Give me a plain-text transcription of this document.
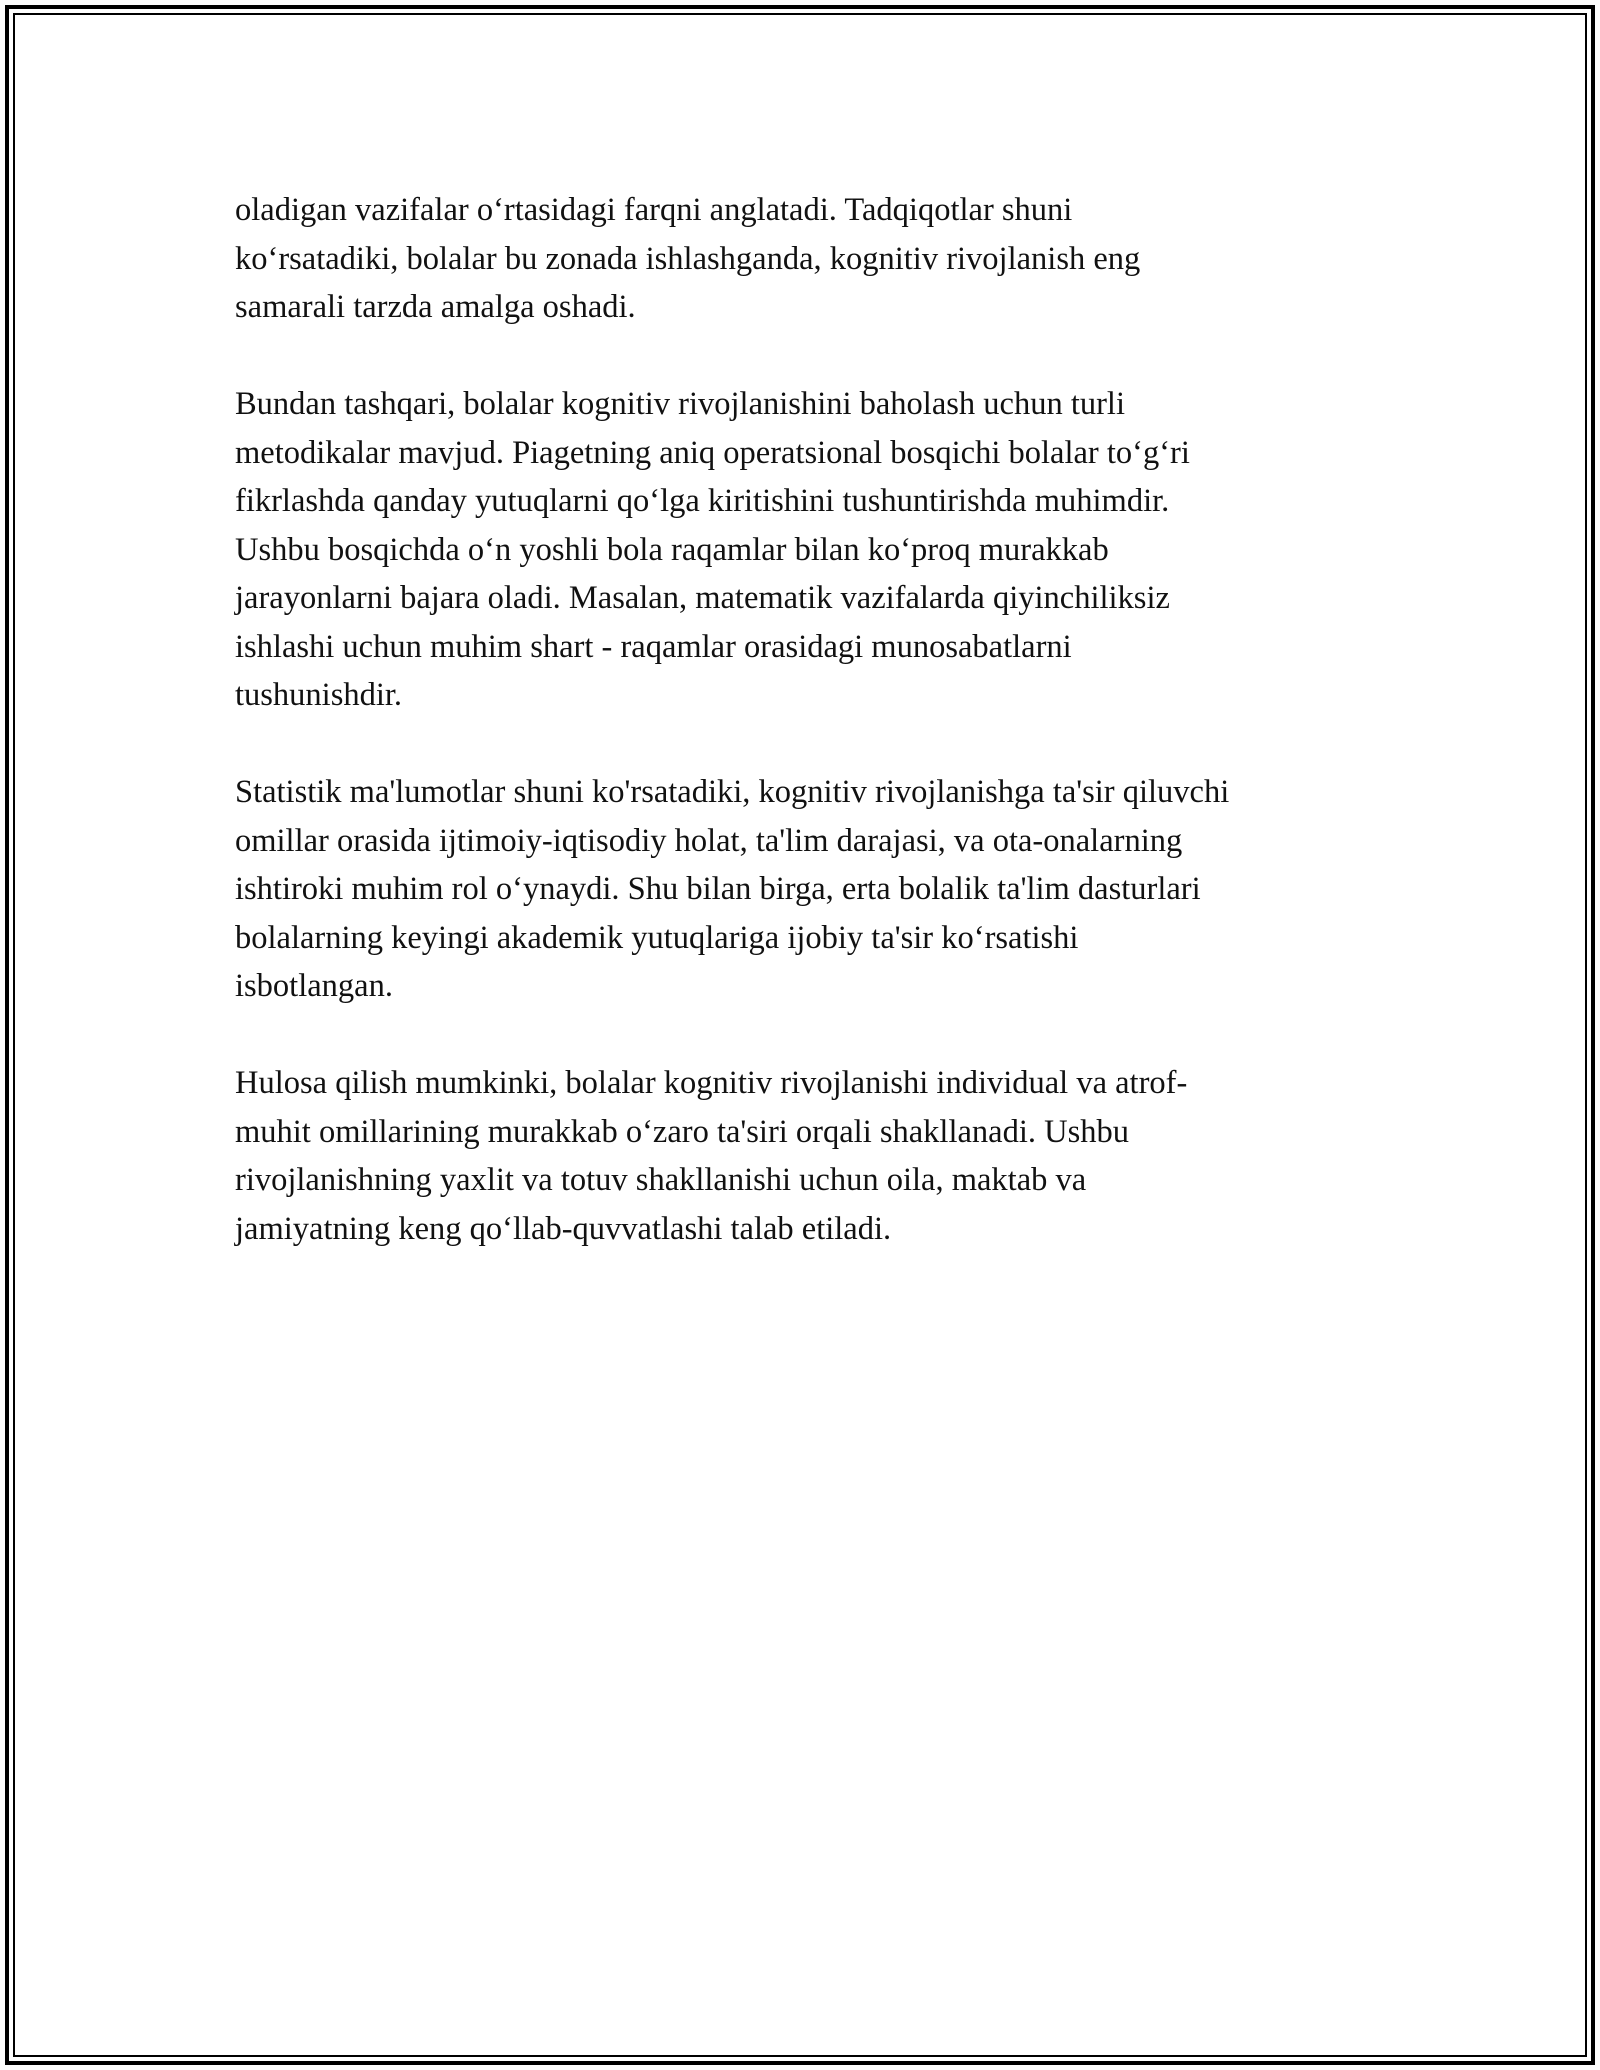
oladigan vazifalar o‘rtasidagi farqni anglatadi. Tadqiqotlar shuni
ko‘rsatadiki, bolalar bu zonada ishlashganda, kognitiv rivojlanish eng
samarali tarzda amalga oshadi.

Bundan tashqari, bolalar kognitiv rivojlanishini baholash uchun turli
metodikalar mavjud. Piagetning aniq operatsional bosqichi bolalar to‘g‘ri
fikrlashda qanday yutuqlarni qo‘lga kiritishini tushuntirishda muhimdir.
Ushbu bosqichda o‘n yoshli bola raqamlar bilan ko‘proq murakkab
jarayonlarni bajara oladi. Masalan, matematik vazifalarda qiyinchiliksiz
ishlashi uchun muhim shart - raqamlar orasidagi munosabatlarni
tushunishdir.

Statistik ma'lumotlar shuni ko'rsatadiki, kognitiv rivojlanishga ta'sir qiluvchi
omillar orasida ijtimoiy-iqtisodiy holat, ta'lim darajasi, va ota-onalarning
ishtiroki muhim rol o‘ynaydi. Shu bilan birga, erta bolalik ta'lim dasturlari
bolalarning keyingi akademik yutuqlariga ijobiy ta'sir ko‘rsatishi
isbotlangan.

Hulosa qilish mumkinki, bolalar kognitiv rivojlanishi individual va atrof-
muhit omillarining murakkab o‘zaro ta'siri orqali shakllanadi. Ushbu
rivojlanishning yaxlit va totuv shakllanishi uchun oila, maktab va
jamiyatning keng qo‘llab-quvvatlashi talab etiladi.
